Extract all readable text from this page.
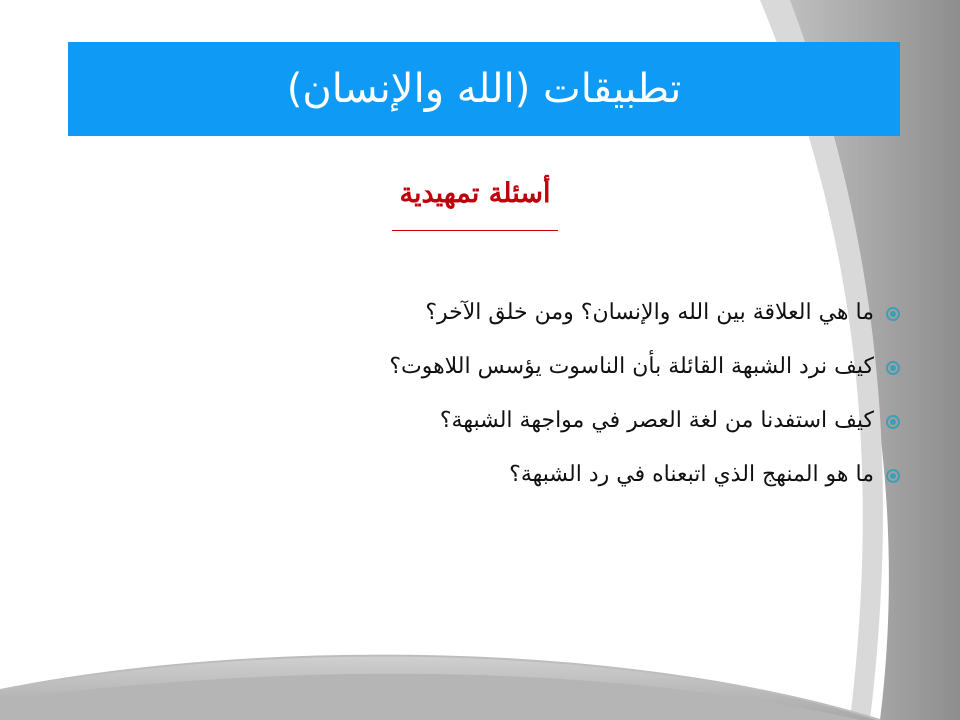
تطبيقات (الله والإنسان)
أسئلة تمهيدية
ما هي العلاقة بين الله والإنسان؟ ومن خلق الآخر؟
كيف نرد الشبهة القائلة بأن الناسوت يؤسس اللاهوت؟
كيف استفدنا من لغة العصر في مواجهة الشبهة؟
ما هو المنهج الذي اتبعناه في رد الشبهة؟
